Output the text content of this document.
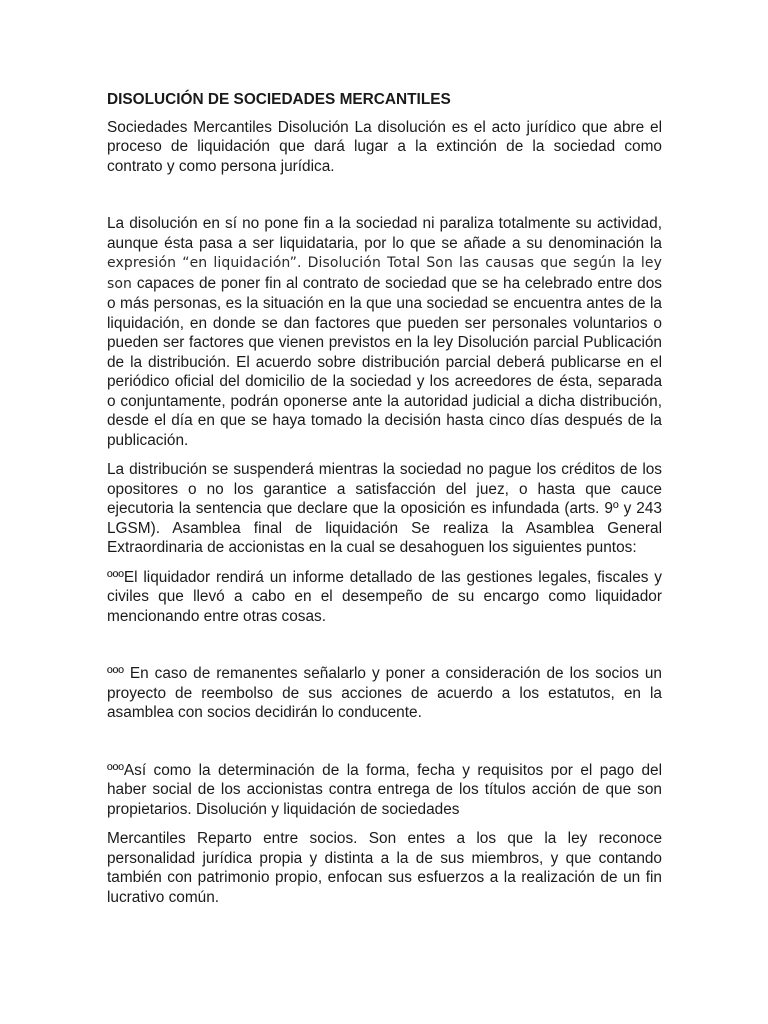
DISOLUCIÓN DE SOCIEDADES MERCANTILES

Sociedades Mercantiles Disolución La disolución es el acto jurídico que abre el proceso de liquidación que dará lugar a la extinción de la sociedad como contrato y como persona jurídica.

La disolución en sí no pone fin a la sociedad ni paraliza totalmente su actividad, aunque ésta pasa a ser liquidataria, por lo que se añade a su denominación la expresión “en liquidación”. Disolución Total Son las causas que según la ley son capaces de poner fin al contrato de sociedad que se ha celebrado entre dos o más personas, es la situación en la que una sociedad se encuentra antes de la liquidación, en donde se dan factores que pueden ser personales voluntarios o pueden ser factores que vienen previstos en la ley Disolución parcial Publicación de la distribución. El acuerdo sobre distribución parcial deberá publicarse en el periódico oficial del domicilio de la sociedad y los acreedores de ésta, separada o conjuntamente, podrán oponerse ante la autoridad judicial a dicha distribución, desde el día en que se haya tomado la decisión hasta cinco días después de la publicación.

La distribución se suspenderá mientras la sociedad no pague los créditos de los opositores o no los garantice a satisfacción del juez, o hasta que cauce ejecutoria la sentencia que declare que la oposición es infundada (arts. 9º y 243 LGSM). Asamblea final de liquidación Se realiza la Asamblea General Extraordinaria de accionistas en la cual se desahoguen los siguientes puntos:

ºººEl liquidador rendirá un informe detallado de las gestiones legales, fiscales y civiles que llevó a cabo en el desempeño de su encargo como liquidador mencionando entre otras cosas.

ººº En caso de remanentes señalarlo y poner a consideración de los socios un proyecto de reembolso de sus acciones de acuerdo a los estatutos, en la asamblea con socios decidirán lo conducente.

ºººAsí como la determinación de la forma, fecha y requisitos por el pago del haber social de los accionistas contra entrega de los títulos acción de que son propietarios. Disolución y liquidación de sociedades

Mercantiles Reparto entre socios. Son entes a los que la ley reconoce personalidad jurídica propia y distinta a la de sus miembros, y que contando también con patrimonio propio, enfocan sus esfuerzos a la realización de un fin lucrativo común.
